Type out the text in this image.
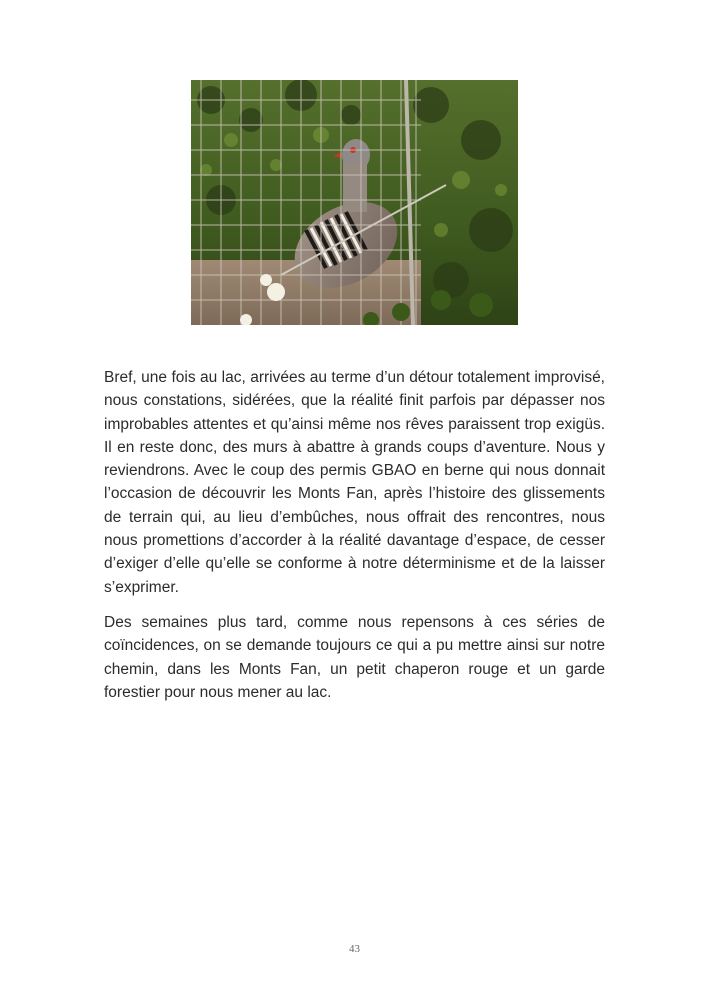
Bref, une fois au lac, arrivées au terme d’un détour totalement improvisé, nous constations, sidérées, que la réalité finit parfois par dépasser nos improbables attentes et qu’ainsi même nos rêves paraissent trop exigüs. Il en reste donc, des murs à abattre à grands coups d’aventure. Nous y reviendrons. Avec le coup des permis GBAO en berne qui nous donnait l’occasion de découvrir les Monts Fan, après l’histoire des glissements de terrain qui, au lieu d’embûches, nous offrait des rencontres, nous nous promettions d’accorder à la réalité davantage d’espace, de cesser d’exiger d’elle qu’elle se conforme à notre déterminisme et de la laisser s’exprimer.

Des semaines plus tard, comme nous repensons à ces séries de coïncidences, on se demande toujours ce qui a pu mettre ainsi sur notre chemin, dans les Monts Fan, un petit chaperon rouge et un garde forestier pour nous mener au lac.

43
